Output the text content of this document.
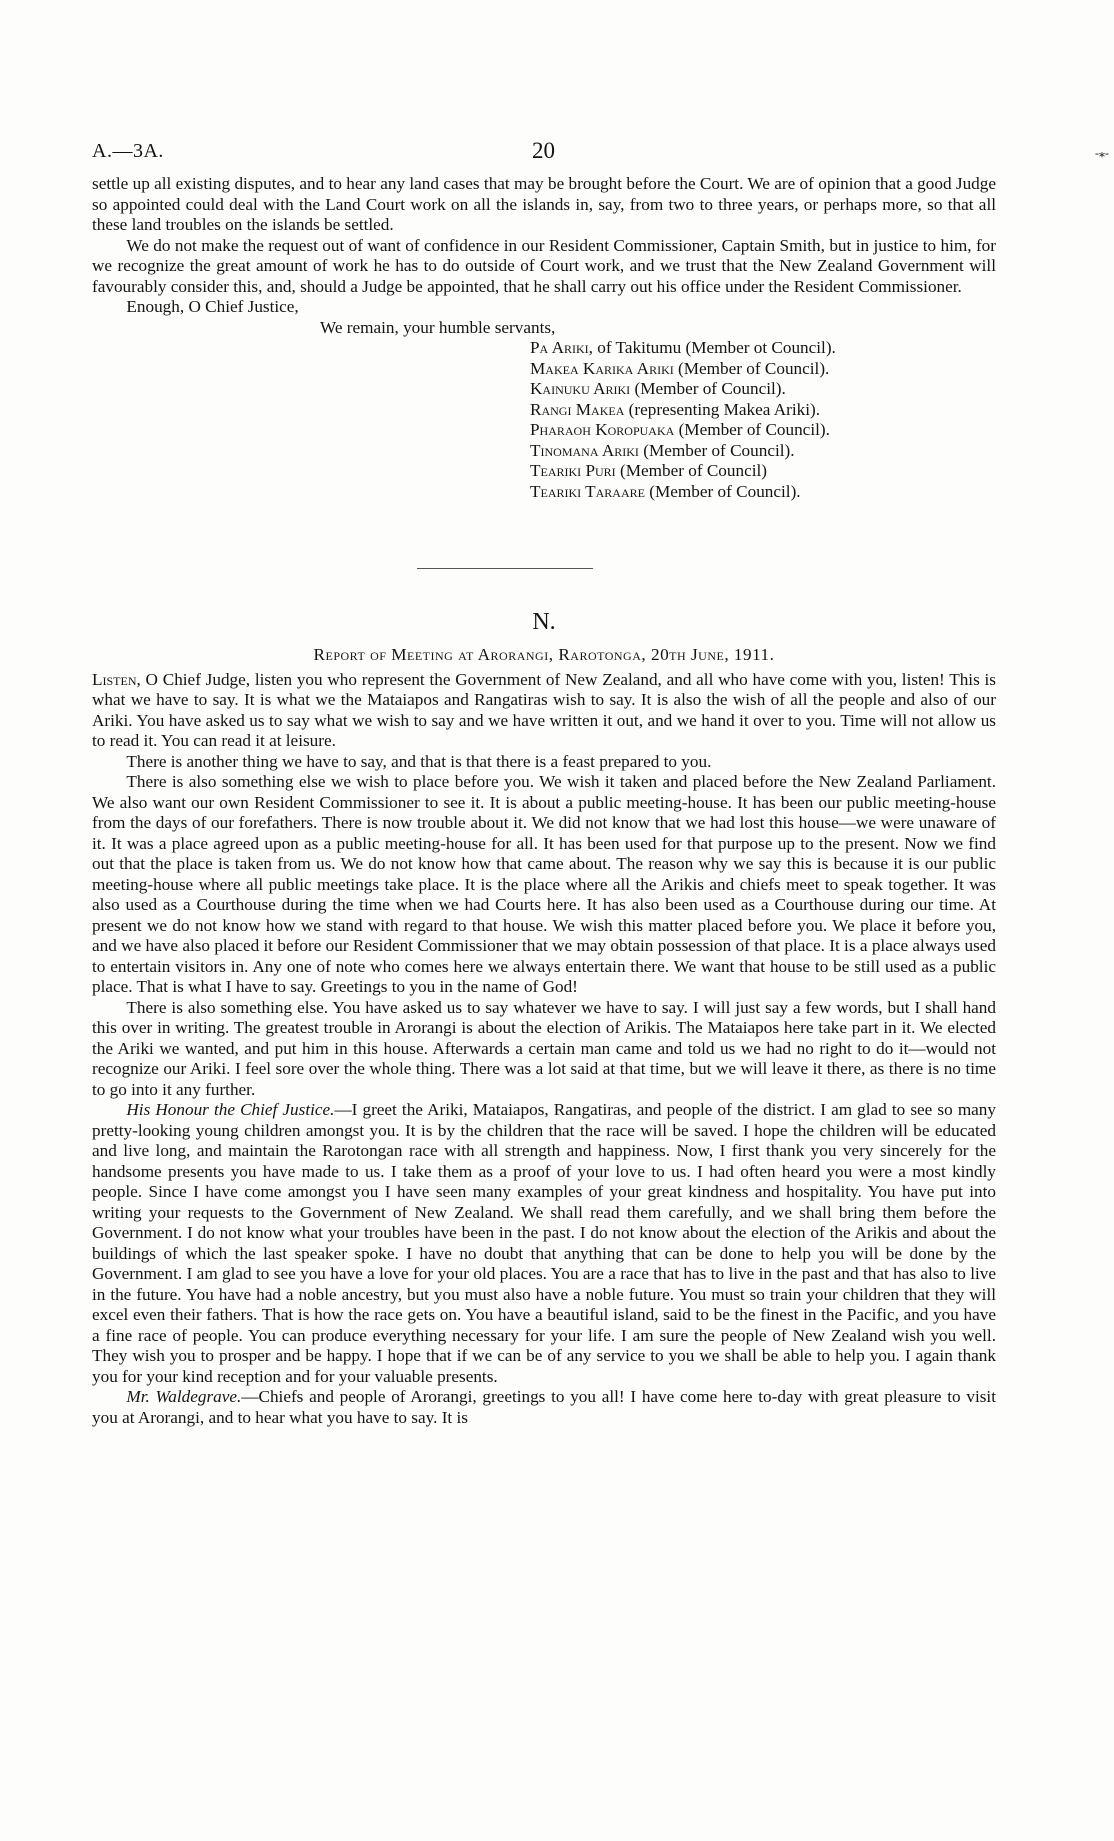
-⁎-
A.—3A.	20

settle up all existing disputes, and to hear any land cases that may be brought before the Court. We are of opinion that a good Judge so appointed could deal with the Land Court work on all the islands in, say, from two to three years, or perhaps more, so that all these land troubles on the islands be settled.

We do not make the request out of want of confidence in our Resident Commissioner, Captain Smith, but in justice to him, for we recognize the great amount of work he has to do outside of Court work, and we trust that the New Zealand Government will favourably consider this, and, should a Judge be appointed, that he shall carry out his office under the Resident Commissioner.

Enough, O Chief Justice,

We remain, your humble servants,

Pa Ariki, of Takitumu (Member ot Council).
Makea Karika Ariki (Member of Council).
Kainuku Ariki (Member of Council).
Rangi Makea (representing Makea Ariki).
Pharaoh Koropuaka (Member of Council).
Tinomana Ariki (Member of Council).
Teariki Puri (Member of Council)
Teariki Taraare (Member of Council).
N.
Report of Meeting at Arorangi, Rarotonga, 20th June, 1911.

Listen, O Chief Judge, listen you who represent the Government of New Zealand, and all who have come with you, listen! This is what we have to say. It is what we the Mataiapos and Rangatiras wish to say. It is also the wish of all the people and also of our Ariki. You have asked us to say what we wish to say and we have written it out, and we hand it over to you. Time will not allow us to read it. You can read it at leisure.

There is another thing we have to say, and that is that there is a feast prepared to you.

There is also something else we wish to place before you. We wish it taken and placed before the New Zealand Parliament. We also want our own Resident Commissioner to see it. It is about a public meeting-house. It has been our public meeting-house from the days of our forefathers. There is now trouble about it. We did not know that we had lost this house—we were unaware of it. It was a place agreed upon as a public meeting-house for all. It has been used for that purpose up to the present. Now we find out that the place is taken from us. We do not know how that came about. The reason why we say this is because it is our public meeting-house where all public meetings take place. It is the place where all the Arikis and chiefs meet to speak together. It was also used as a Courthouse during the time when we had Courts here. It has also been used as a Courthouse during our time. At present we do not know how we stand with regard to that house. We wish this matter placed before you. We place it before you, and we have also placed it before our Resident Commissioner that we may obtain possession of that place. It is a place always used to entertain visitors in. Any one of note who comes here we always entertain there. We want that house to be still used as a public place. That is what I have to say. Greetings to you in the name of God!

There is also something else. You have asked us to say whatever we have to say. I will just say a few words, but I shall hand this over in writing. The greatest trouble in Arorangi is about the election of Arikis. The Mataiapos here take part in it. We elected the Ariki we wanted, and put him in this house. Afterwards a certain man came and told us we had no right to do it—would not recognize our Ariki. I feel sore over the whole thing. There was a lot said at that time, but we will leave it there, as there is no time to go into it any further.

His Honour the Chief Justice.—I greet the Ariki, Mataiapos, Rangatiras, and people of the district. I am glad to see so many pretty-looking young children amongst you. It is by the children that the race will be saved. I hope the children will be educated and live long, and maintain the Rarotongan race with all strength and happiness. Now, I first thank you very sincerely for the handsome presents you have made to us. I take them as a proof of your love to us. I had often heard you were a most kindly people. Since I have come amongst you I have seen many examples of your great kindness and hospitality. You have put into writing your requests to the Government of New Zealand. We shall read them carefully, and we shall bring them before the Government. I do not know what your troubles have been in the past. I do not know about the election of the Arikis and about the buildings of which the last speaker spoke. I have no doubt that anything that can be done to help you will be done by the Government. I am glad to see you have a love for your old places. You are a race that has to live in the past and that has also to live in the future. You have had a noble ancestry, but you must also have a noble future. You must so train your children that they will excel even their fathers. That is how the race gets on. You have a beautiful island, said to be the finest in the Pacific, and you have a fine race of people. You can produce everything necessary for your life. I am sure the people of New Zealand wish you well. They wish you to prosper and be happy. I hope that if we can be of any service to you we shall be able to help you. I again thank you for your kind reception and for your valuable presents.

Mr. Waldegrave.—Chiefs and people of Arorangi, greetings to you all! I have come here to-day with great pleasure to visit you at Arorangi, and to hear what you have to say. It is
